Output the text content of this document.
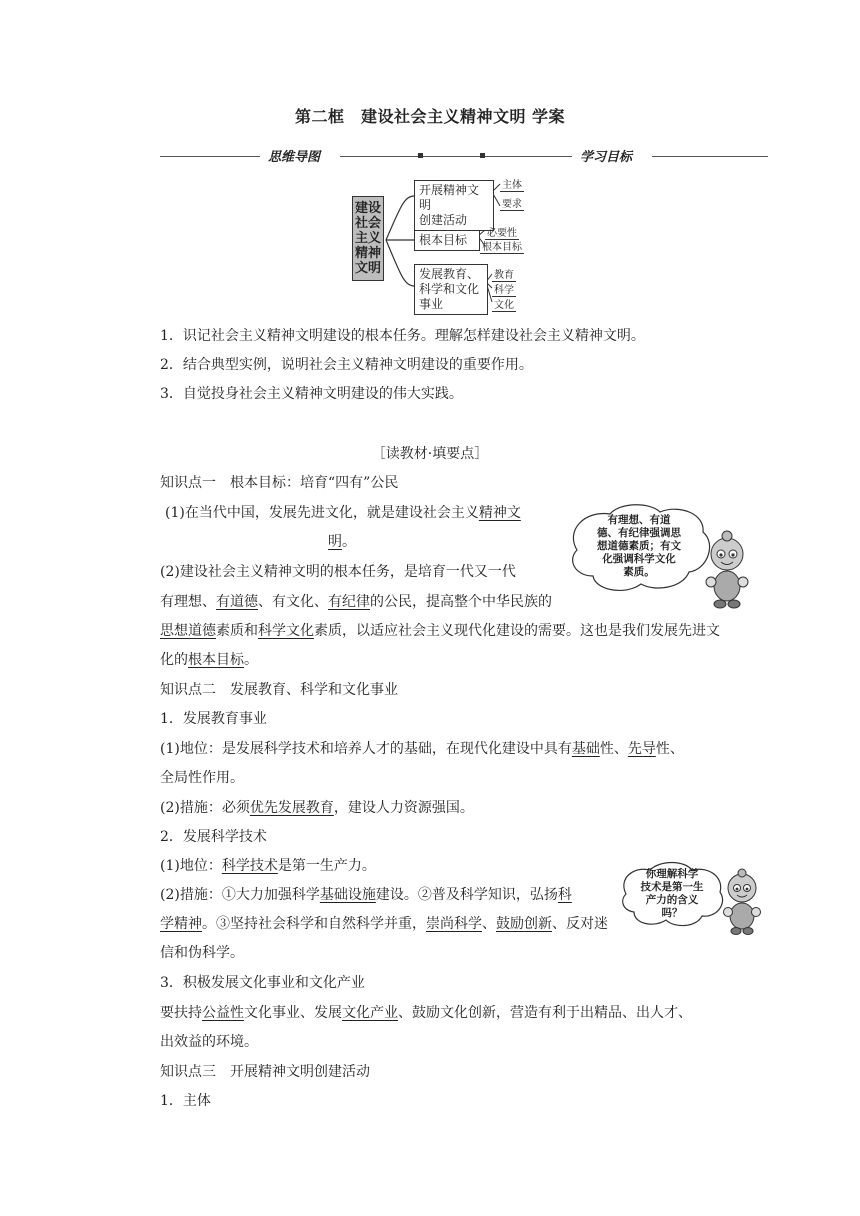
第二框　建设社会主义精神文明 学案
思维导图	学习目标
建设
社会
主义
精神
文明
开展精神文明
创建活动
主体
要求
根本目标	必要性
根本目标
发展教育、
科学和文化
事业
教育
科学
文化
1．识记社会主义精神文明建设的根本任务。理解怎样建设社会主义精神文明。
2．结合典型实例，说明社会主义精神文明建设的重要作用。
3．自觉投身社会主义精神文明建设的伟大实践。
［读教材·填要点］
知识点一　根本目标：培育“四有”公民
(1)在当代中国，发展先进文化，就是建设社会主义精神文
明。
(2)建设社会主义精神文明的根本任务，是培育一代又一代
有理想、有道德、有文化、有纪律的公民，提高整个中华民族的
思想道德素质和科学文化素质，以适应社会主义现代化建设的需要。这也是我们发展先进文
化的根本目标。
有理想、有道
德、有纪律强调思
想道德素质；有文
化强调科学文化
素质。
知识点二　发展教育、科学和文化事业
1．发展教育事业
(1)地位：是发展科学技术和培养人才的基础，在现代化建设中具有基础性、先导性、
全局性作用。
(2)措施：必须优先发展教育，建设人力资源强国。
2．发展科学技术
(1)地位：科学技术是第一生产力。
(2)措施：①大力加强科学基础设施建设。②普及科学知识，弘扬科
学精神。③坚持社会科学和自然科学并重，崇尚科学、鼓励创新、反对迷
信和伪科学。
你理解科学
技术是第一生
产力的含义
吗？
3．积极发展文化事业和文化产业
要扶持公益性文化事业、发展文化产业、鼓励文化创新，营造有利于出精品、出人才、
出效益的环境。
知识点三　开展精神文明创建活动
1．主体
